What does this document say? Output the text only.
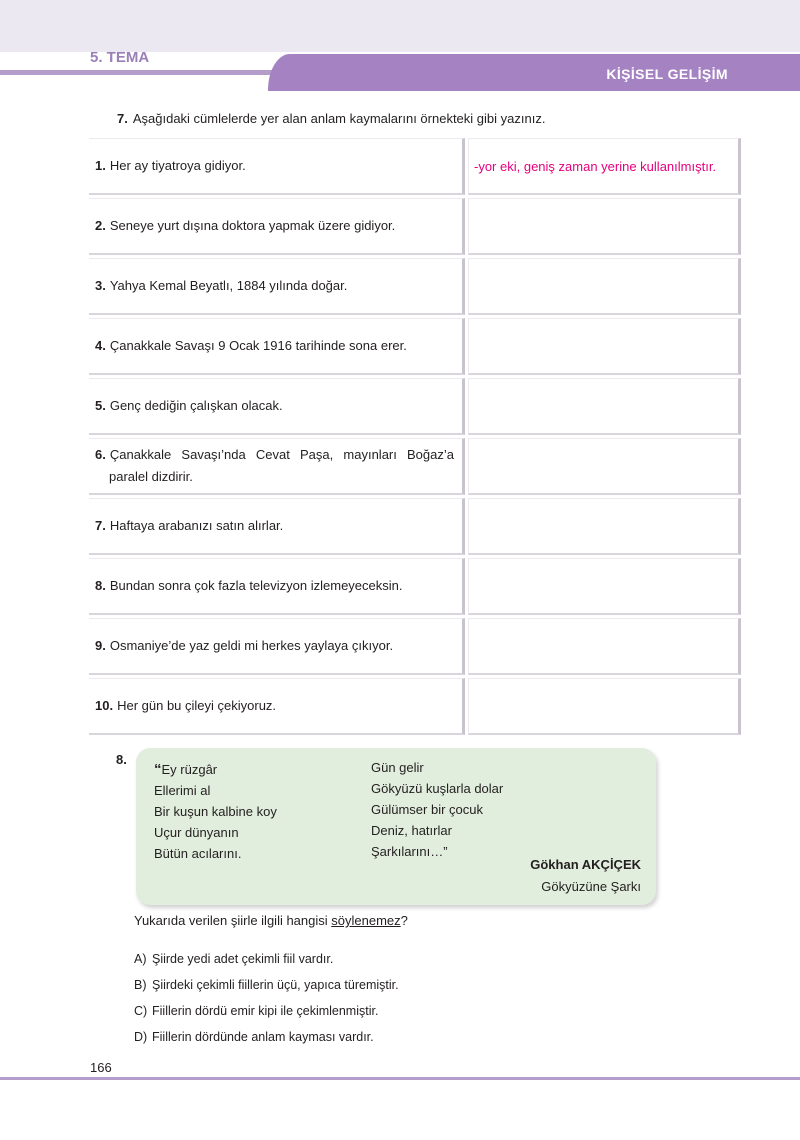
5. TEMA
KİŞİSEL GELİŞİM
7. Aşağıdaki cümlelerde yer alan anlam kaymalarını örnekteki gibi yazınız.
1. Her ay tiyatroya gidiyor.	-yor eki, geniş zaman yerine kullanılmıştır.
2. Seneye yurt dışına doktora yapmak üzere gidiyor.
3. Yahya Kemal Beyatlı, 1884 yılında doğar.
4. Çanakkale Savaşı 9 Ocak 1916 tarihinde sona erer.
5. Genç dediğin çalışkan olacak.
6. Çanakkale Savaşı’nda Cevat Paşa, mayınları Boğaz’a
paralel dizdirir.
7. Haftaya arabanızı satın alırlar.
8. Bundan sonra çok fazla televizyon izlemeyeceksin.
9. Osmaniye’de yaz geldi mi herkes yaylaya çıkıyor.
10. Her gün bu çileyi çekiyoruz.
8.
“Ey rüzgâr
Ellerimi al
Bir kuşun kalbine koy
Uçur dünyanın
Bütün acılarını.
Gün gelir
Gökyüzü kuşlarla dolar
Gülümser bir çocuk
Deniz, hatırlar
Şarkılarını…”
Gökhan AKÇİÇEK
Gökyüzüne Şarkı
Yukarıda verilen şiirle ilgili hangisi söylenemez?
A) Şiirde yedi adet çekimli fiil vardır.
B) Şiirdeki çekimli fiillerin üçü, yapıca türemiştir.
C) Fiillerin dördü emir kipi ile çekimlenmiştir.
D) Fiillerin dördünde anlam kayması vardır.
166
